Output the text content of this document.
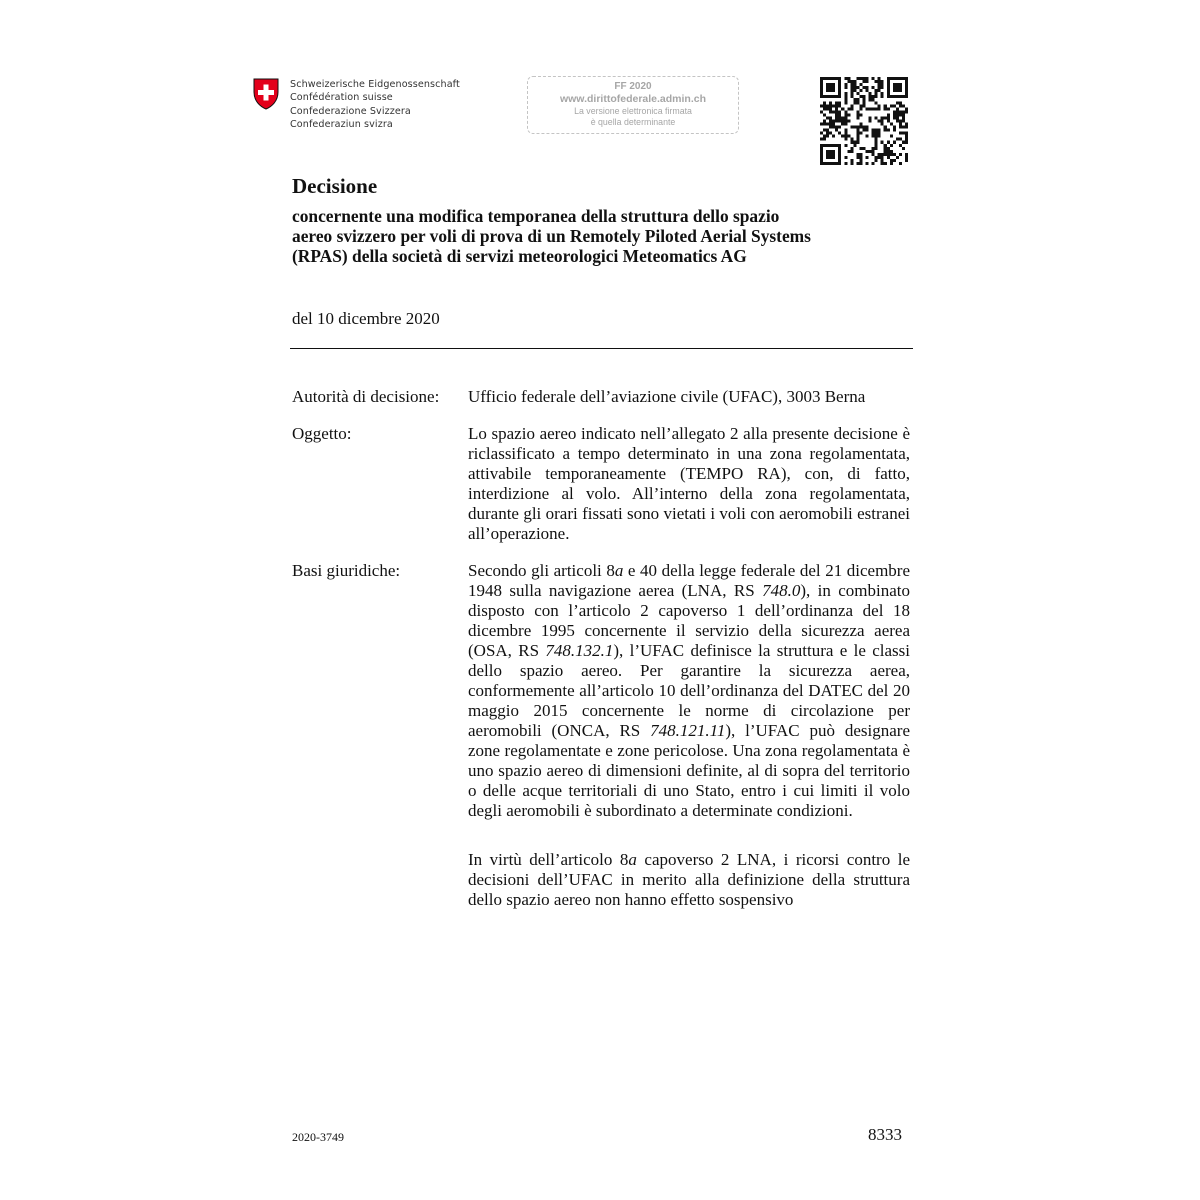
Schweizerische Eidgenossenschaft
Confédération suisse
Confederazione Svizzera
Confederaziun svizra
FF 2020
www.dirittofederale.admin.ch
La versione elettronica firmata
è quella determinante
Decisione
concernente una modifica temporanea della struttura dello spazio
aereo svizzero per voli di prova di un Remotely Piloted Aerial Systems
(RPAS) della società di servizi meteorologici Meteomatics AG
del 10 dicembre 2020
Autorità di decisione: Ufficio federale dell’aviazione civile (UFAC), 3003 Berna
Oggetto:	Lo spazio aereo indicato nell’allegato 2 alla presente decisione è riclassificato a tempo determinato in una zona regolamentata, attivabile temporaneamente (TEMPO RA), con, di fatto, interdizione al volo. All’interno della zona regolamentata, durante gli orari fissati sono vietati i voli con aeromobili estranei all’operazione.
Basi giuridiche:	Secondo gli articoli 8a e 40 della legge federale del 21 dicembre 1948 sulla navigazione aerea (LNA, RS 748.0), in combinato disposto con l’articolo 2 capoverso 1 dell’ordinanza del 18 dicembre 1995 concernente il servizio della sicurezza aerea (OSA, RS 748.132.1), l’UFAC definisce la struttura e le classi dello spazio aereo. Per garantire la sicurezza aerea, conformemente all’articolo 10 dell’ordinanza del DATEC del 20 maggio 2015 concernente le norme di circolazione per aeromobili (ONCA, RS 748.121.11), l’UFAC può designare zone regolamentate e zone pericolose. Una zona regolamentata è uno spazio aereo di dimensioni definite, al di sopra del territorio o delle acque territoriali di uno Stato, entro i cui limiti il volo degli aeromobili è subordinato a determinate condizioni.
In virtù dell’articolo 8a capoverso 2 LNA, i ricorsi contro le decisioni dell’UFAC in merito alla definizione della struttura dello spazio aereo non hanno effetto sospensivo
2020-3749	8333
